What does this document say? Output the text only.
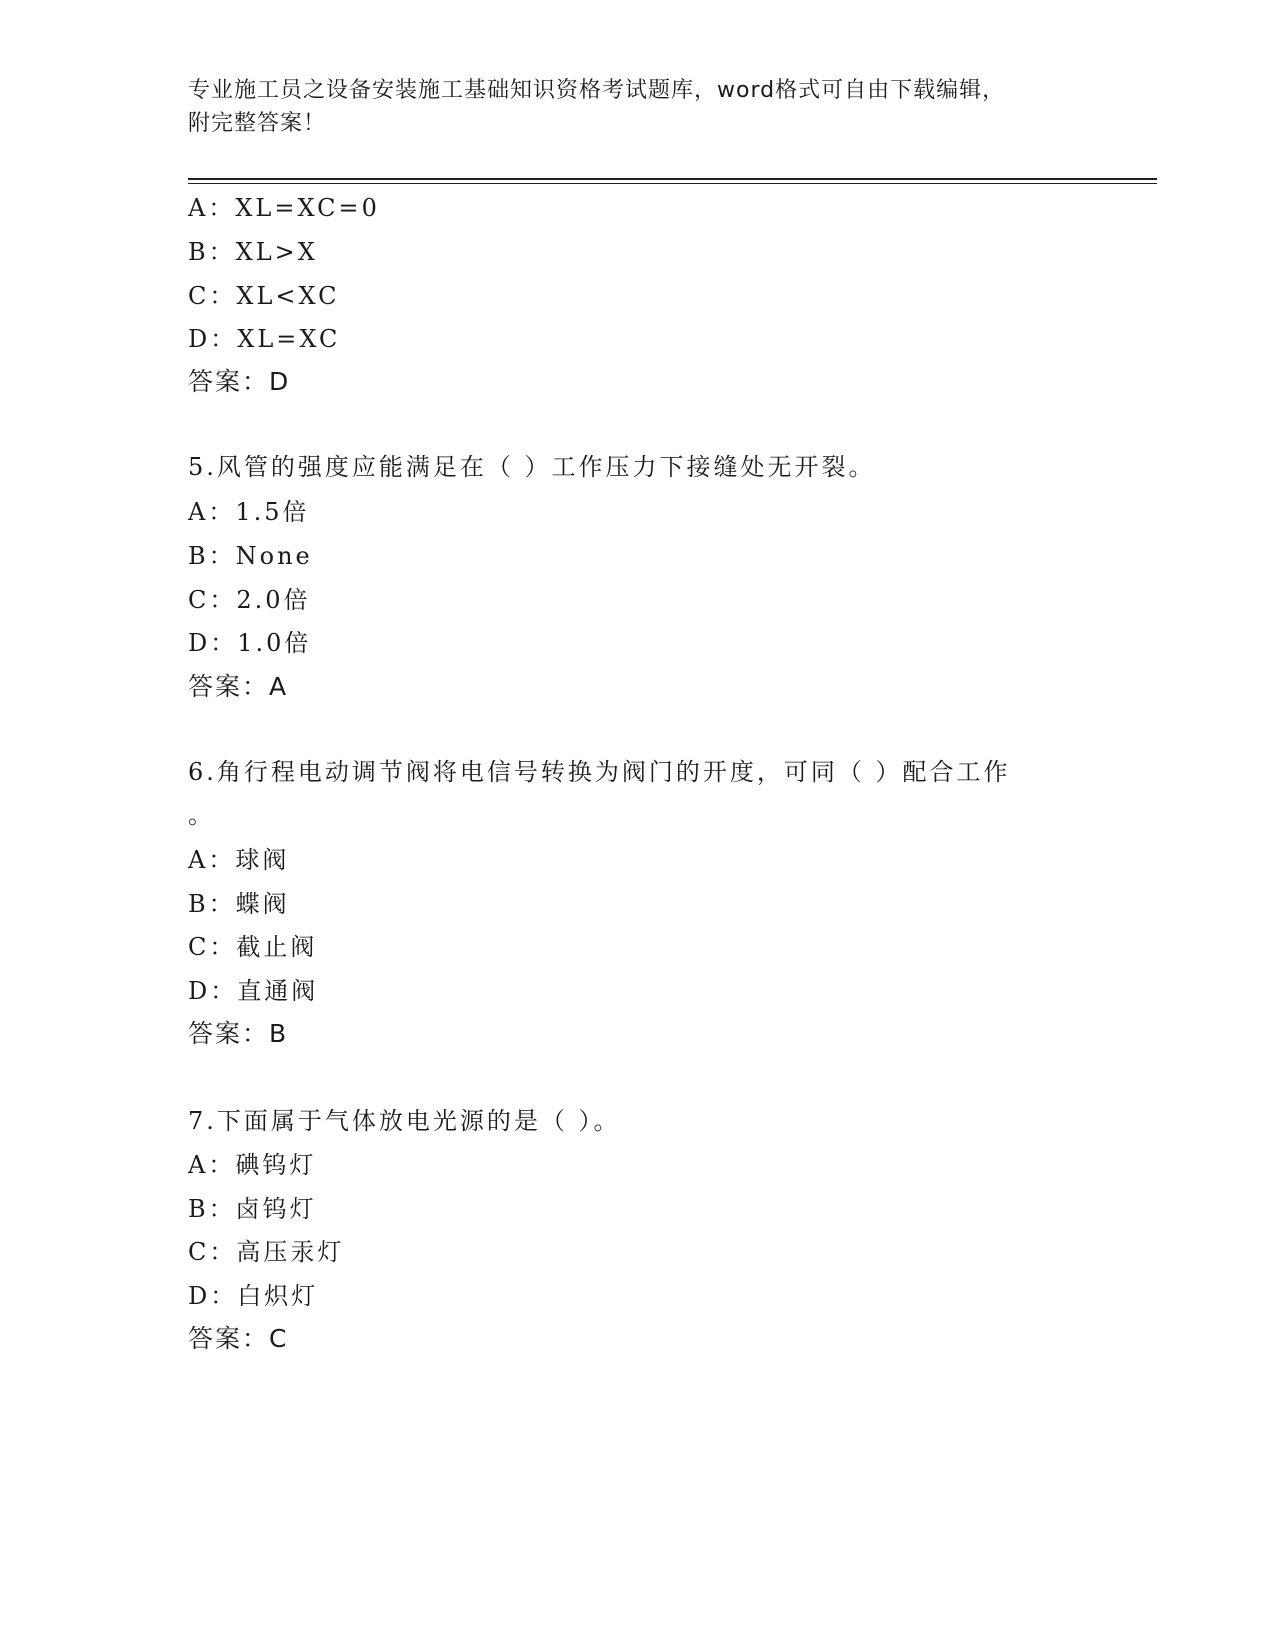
专业施工员之设备安装施工基础知识资格考试题库，word格式可自由下载编辑，
附完整答案！
A：XL=XC=0
B：XL>X
C：XL<XC
D：XL=XC
答案：D
5.风管的强度应能满足在（ ）工作压力下接缝处无开裂。
A：1.5倍
B：None
C：2.0倍
D：1.0倍
答案：A
6.角行程电动调节阀将电信号转换为阀门的开度，可同（ ）配合工作
。
A：球阀
B：蝶阀
C：截止阀
D：直通阀
答案：B
7.下面属于气体放电光源的是（ ）。
A：碘钨灯
B：卤钨灯
C：高压汞灯
D：白炽灯
答案：C
